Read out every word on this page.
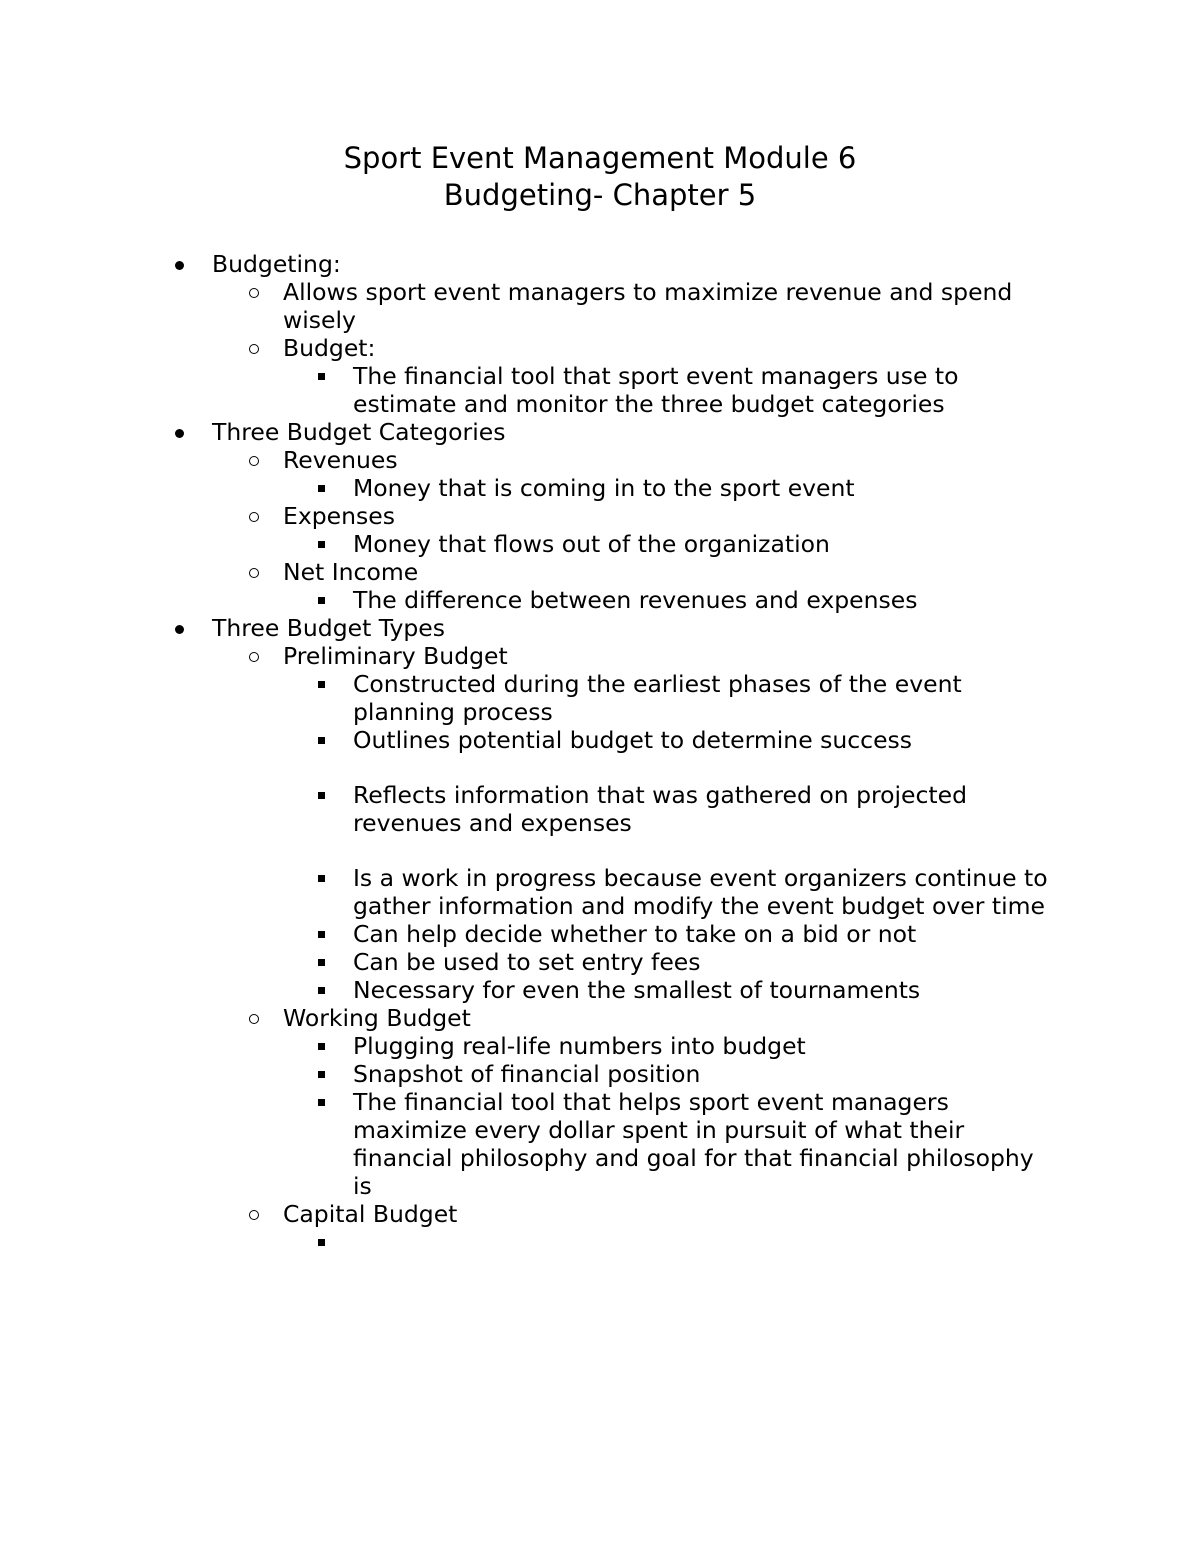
Sport Event Management Module 6
Budgeting- Chapter 5
Budgeting:
Allows sport event managers to maximize revenue and spend wisely
Budget:
The financial tool that sport event managers use to estimate and monitor the three budget categories
Three Budget Categories
Revenues
Money that is coming in to the sport event
Expenses
Money that flows out of the organization
Net Income
The difference between revenues and expenses
Three Budget Types
Preliminary Budget
Constructed during the earliest phases of the event planning process
Outlines potential budget to determine success
Reflects information that was gathered on projected revenues and expenses
Is a work in progress because event organizers continue to gather information and modify the event budget over time
Can help decide whether to take on a bid or not
Can be used to set entry fees
Necessary for even the smallest of tournaments
Working Budget
Plugging real-life numbers into budget
Snapshot of financial position
The financial tool that helps sport event managers maximize every dollar spent in pursuit of what their financial philosophy and goal for that financial philosophy is
Capital Budget
